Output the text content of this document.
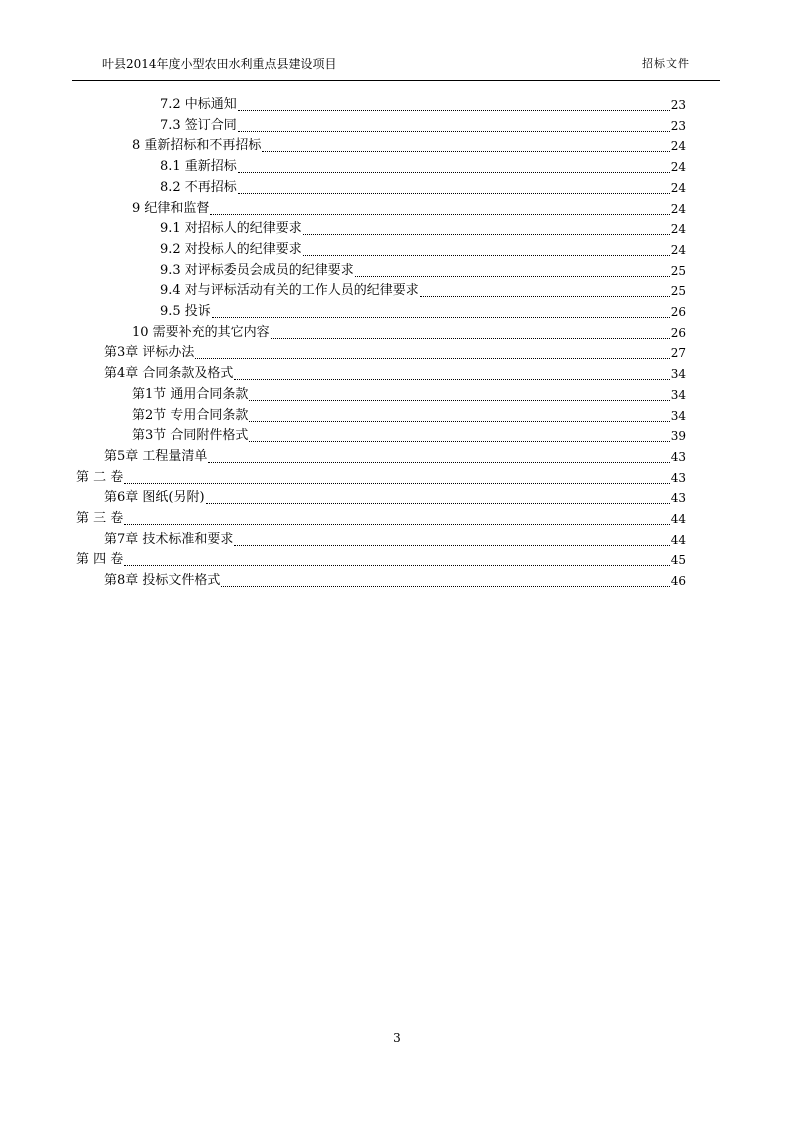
叶县2014年度小型农田水利重点县建设项目	招标文件
7.2 中标通知	23
7.3 签订合同	23
8 重新招标和不再招标	24
8.1 重新招标	24
8.2 不再招标	24
9 纪律和监督	24
9.1 对招标人的纪律要求	24
9.2 对投标人的纪律要求	24
9.3 对评标委员会成员的纪律要求	25
9.4 对与评标活动有关的工作人员的纪律要求	25
9.5 投诉	26
10 需要补充的其它内容	26
第3章 评标办法	27
第4章 合同条款及格式	34
第1节 通用合同条款	34
第2节 专用合同条款	34
第3节 合同附件格式	39
第5章 工程量清单	43
第 二 卷	43
第6章 图纸(另附)	43
第 三 卷	44
第7章 技术标准和要求	44
第 四 卷	45
第8章 投标文件格式	46
3
